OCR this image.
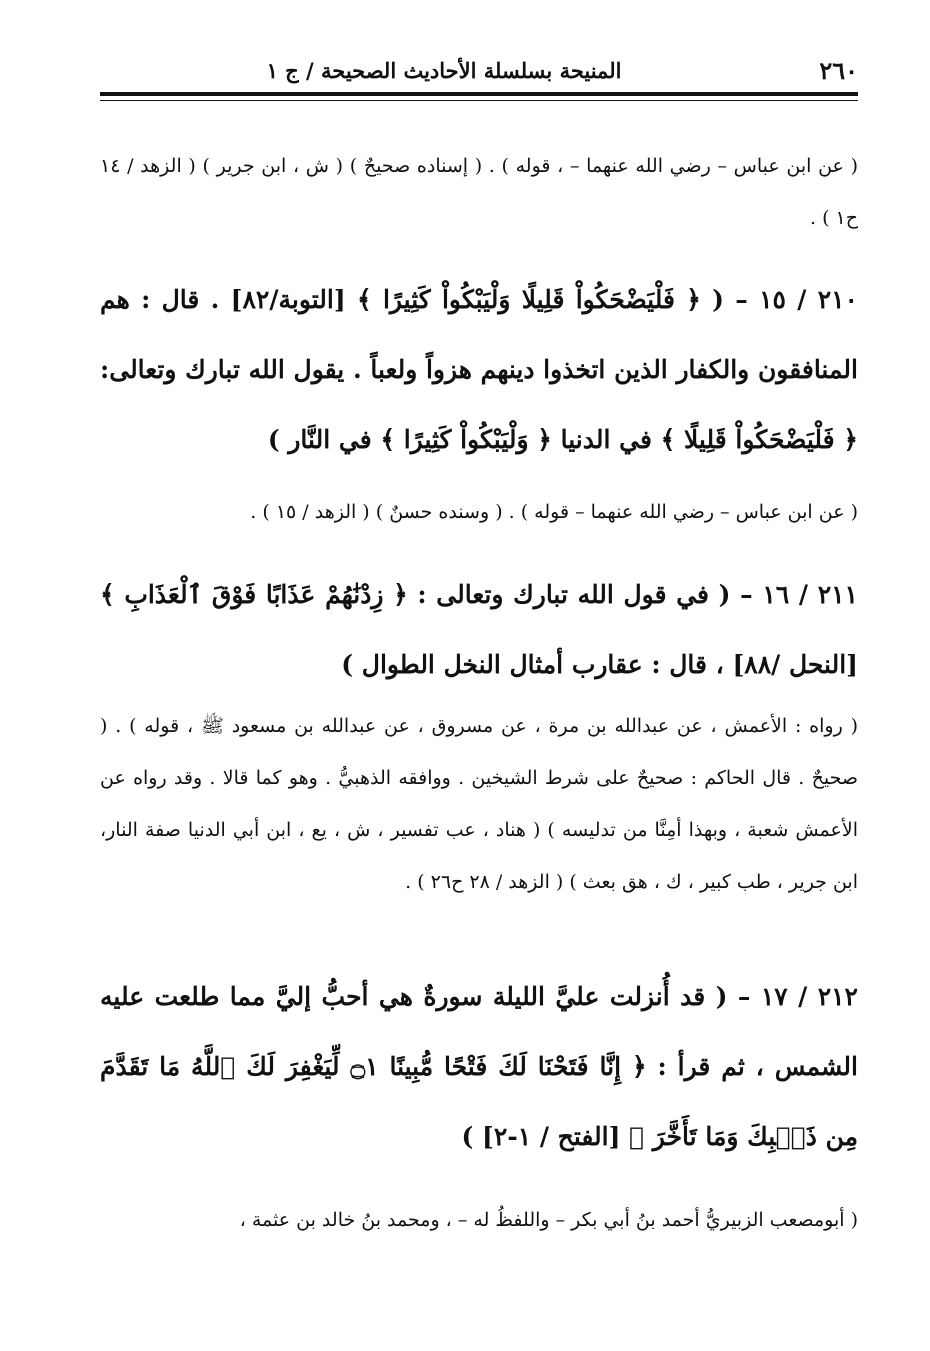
٢٦٠
المنيحة بسلسلة الأحاديث الصحيحة / ج ١
( عن ابن عباس – رضي الله عنهما – ، قوله ) . ( إسناده صحيحٌ ) ( ش ، ابن جرير ) ( الزهد / ١٤ ح١ ) .
٢١٠ / ١٥ – ( ﴿ فَلْيَضْحَكُواْ قَلِيلًا وَلْيَبْكُواْ كَثِيرًا ﴾ [التوبة/٨٢] . قال : هم المنافقون والكفار الذين اتخذوا دينهم هزواً ولعباً . يقول الله تبارك وتعالى: ﴿ فَلْيَضْحَكُواْ قَلِيلًا ﴾ في الدنيا ﴿ وَلْيَبْكُواْ كَثِيرًا ﴾ في النَّار )
( عن ابن عباس – رضي الله عنهما – قوله ) . ( وسنده حسنٌ ) ( الزهد / ١٥ ) .
٢١١ / ١٦ – ( في قول الله تبارك وتعالى : ﴿ زِدْنَٰهُمْ عَذَابًا فَوْقَ ٱلْعَذَابِ ﴾ [النحل /٨٨] ، قال : عقارب أمثال النخل الطوال )
( رواه : الأعمش ، عن عبدالله بن مرة ، عن مسروق ، عن عبدالله بن مسعود ﷺ ، قوله ) . ( صحيحٌ . قال الحاكم : صحيحٌ على شرط الشيخين . ووافقه الذهبيُّ . وهو كما قالا . وقد رواه عن الأعمش شعبة ، وبهذا أمِنَّا من تدليسه ) ( هناد ، عب تفسير ، ش ، يع ، ابن أبي الدنيا صفة النار، ابن جرير ، طب كبير ، ك ، هق بعث ) ( الزهد / ٢٨ ح٢٦ ) .
٢١٢ / ١٧ – ( قد أُنزلت عليَّ الليلة سورةٌ هي أحبُّ إليَّ مما طلعت عليه الشمس ، ثم قرأ : ﴿ إِنَّا فَتَحْنَا لَكَ فَتْحًا مُّبِينًا ۝١ لِّيَغْفِرَ لَكَ ٱللَّهُ مَا تَقَدَّمَ مِن ذَنۢبِكَ وَمَا تَأَخَّرَ ﴾ [الفتح / ١-٢] )
( أبومصعب الزبيريُّ أحمد بنُ أبي بكر – واللفظُ له – ، ومحمد بنُ خالد بن عثمة ،
